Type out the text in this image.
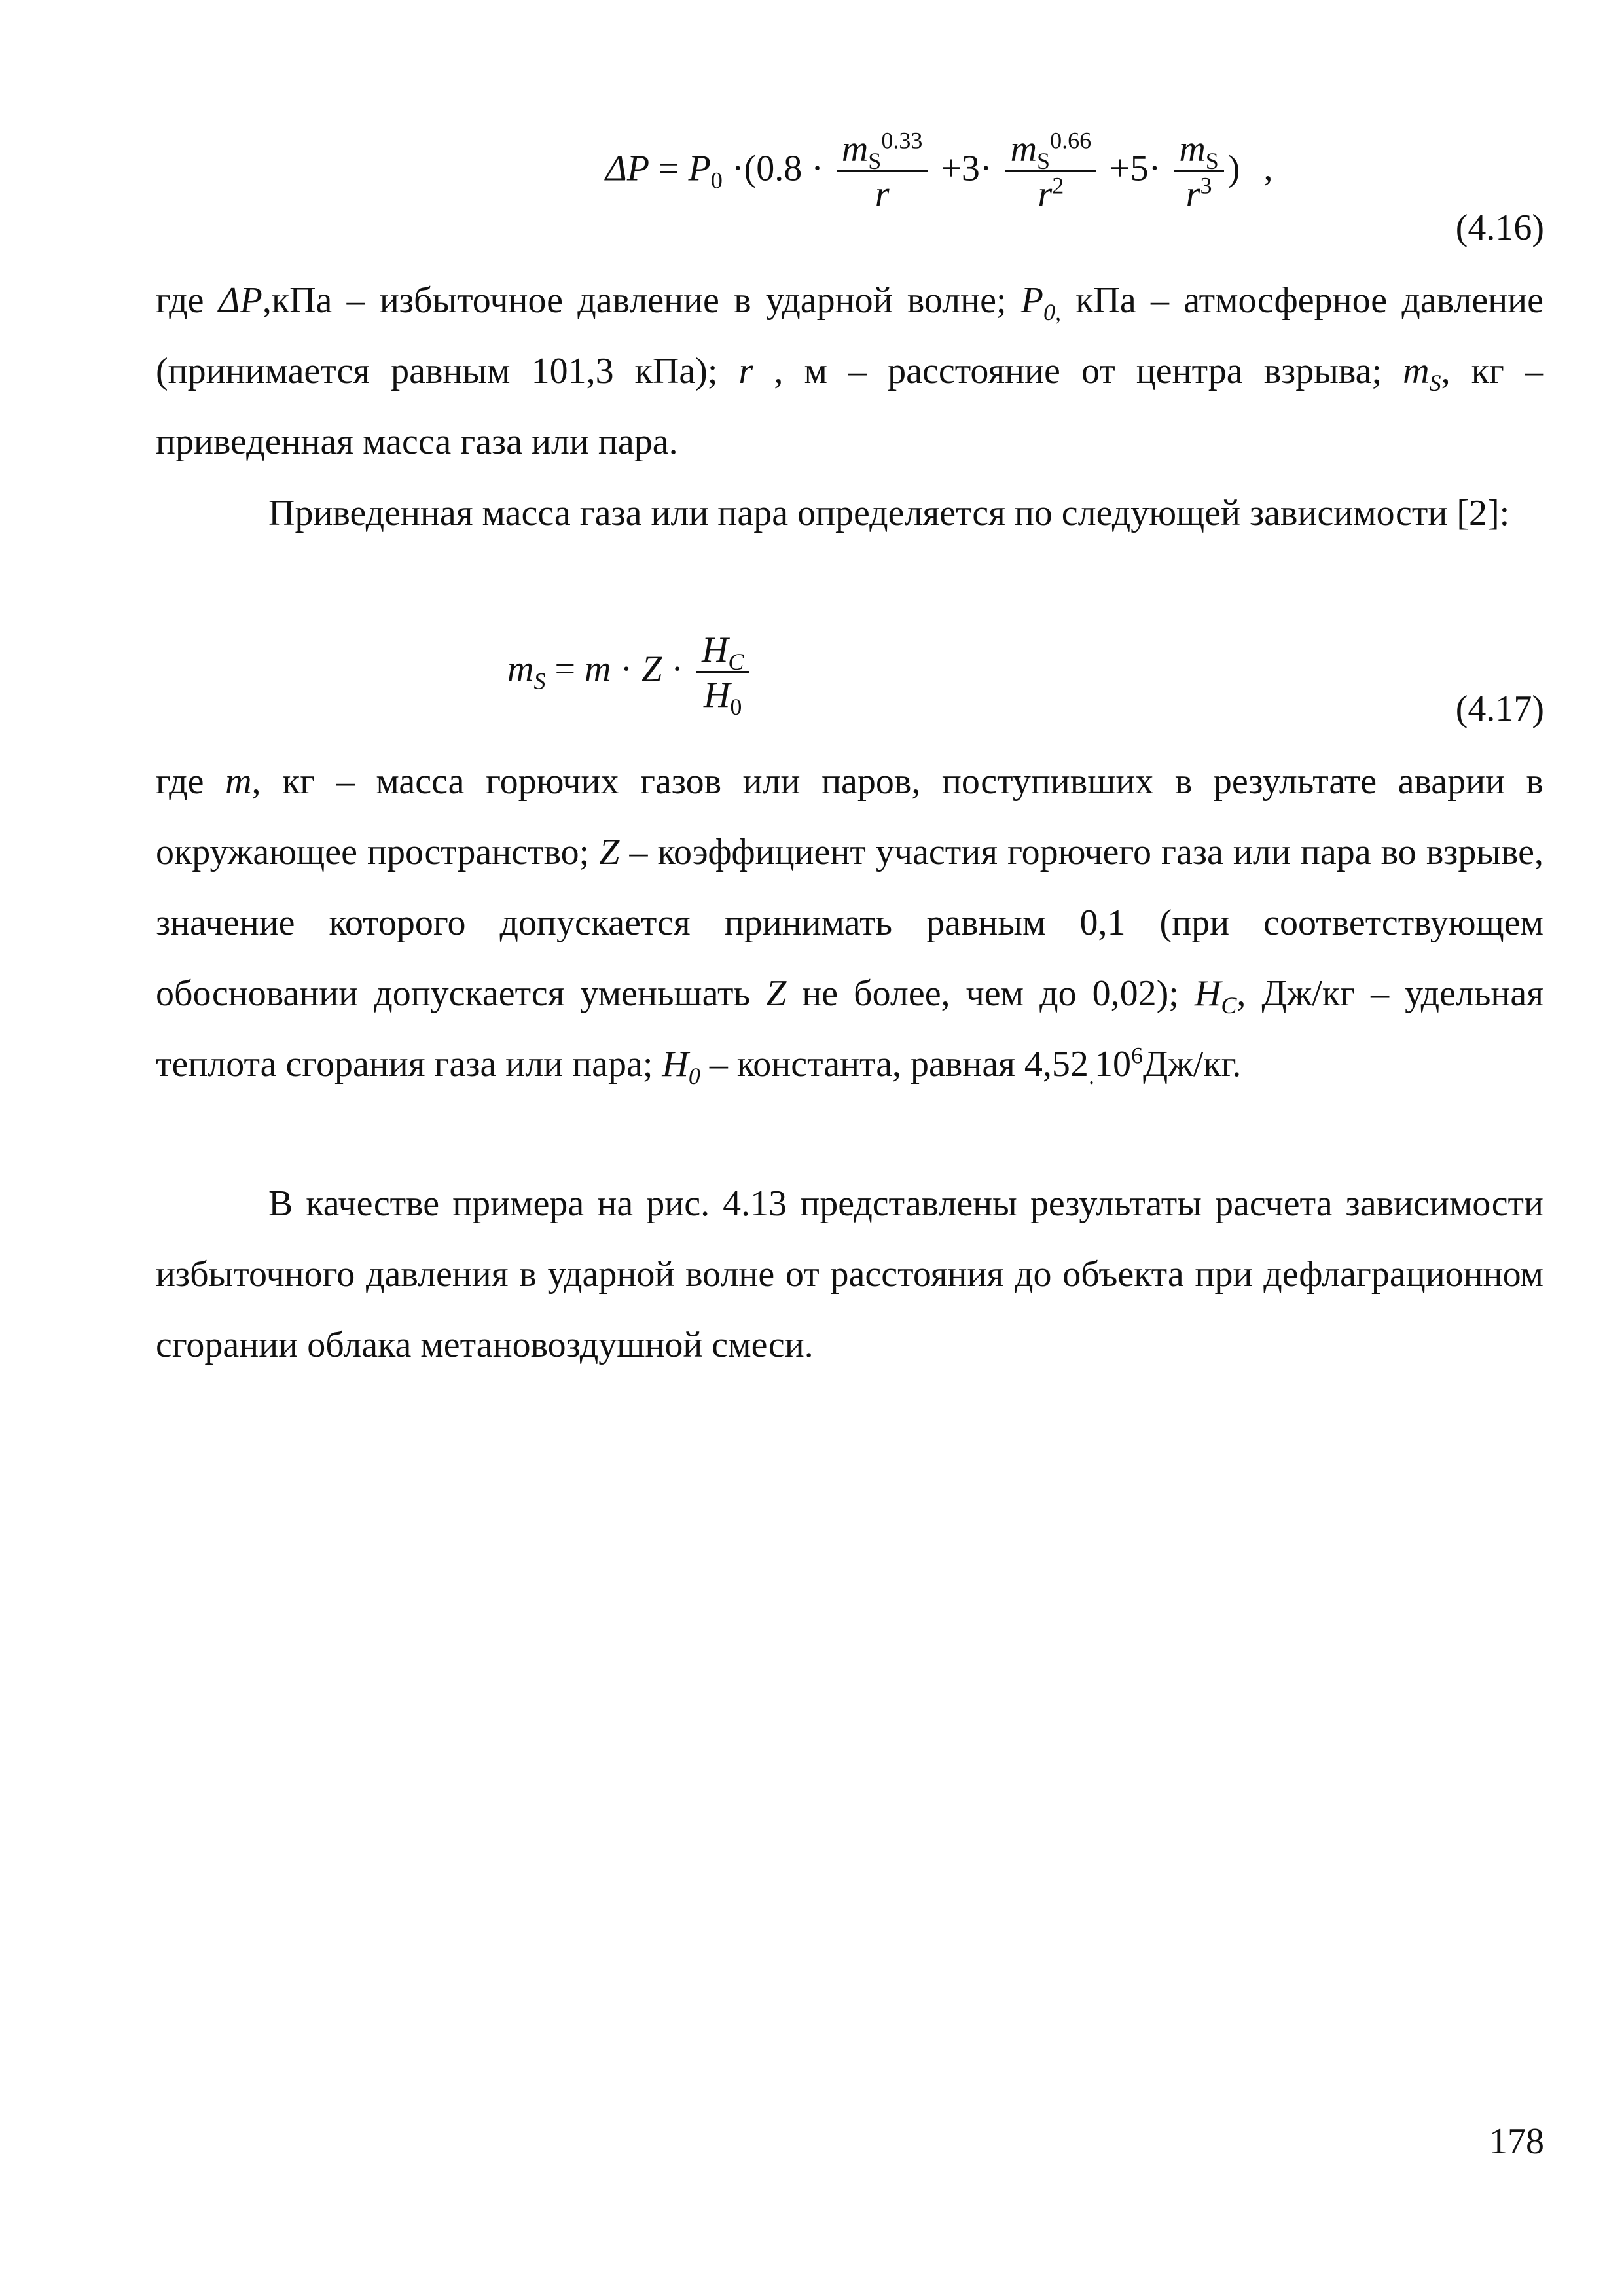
$\Delta P = P_0 \cdot(0.8 \cdot \frac{m_S^{0.33}}{r} +3\cdot \frac{m_S^{0.66}}{r^2} +5\cdot \frac{m_S}{r^3}$ ) ,
(4.16)

где ΔP,кПа – избыточное давление в ударной волне; $P_{0,}$ кПа – атмосферное давление (принимается равным 101,3 кПа); r , м – расстояние от центра взрыва; $m_S$, кг – приведенная масса газа или пара.

Приведенная масса газа или пара определяется по следующей зависимости [2]:

$m_S = m \cdot Z \cdot \frac{H_C}{H_0}$	(4.17)

где m, кг – масса горючих газов или паров, поступивших в результате аварии в окружающее пространство; Z – коэффициент участия горючего газа или пара во взрыве, значение которого допускается принимать равным 0,1 (при соответствующем обосновании допускается уменьшать Z не более, чем до 0,02); $H_C$, Дж/кг – удельная теплота сгорания газа или пара; $H_0$ – константа, равная $4,52_.10^6Дж/кг$.

В качестве примера на рис. 4.13 представлены результаты расчета зависимости избыточного давления в ударной волне от расстояния до объекта при дефлаграционном сгорании облака метановоздушной смеси.

178
